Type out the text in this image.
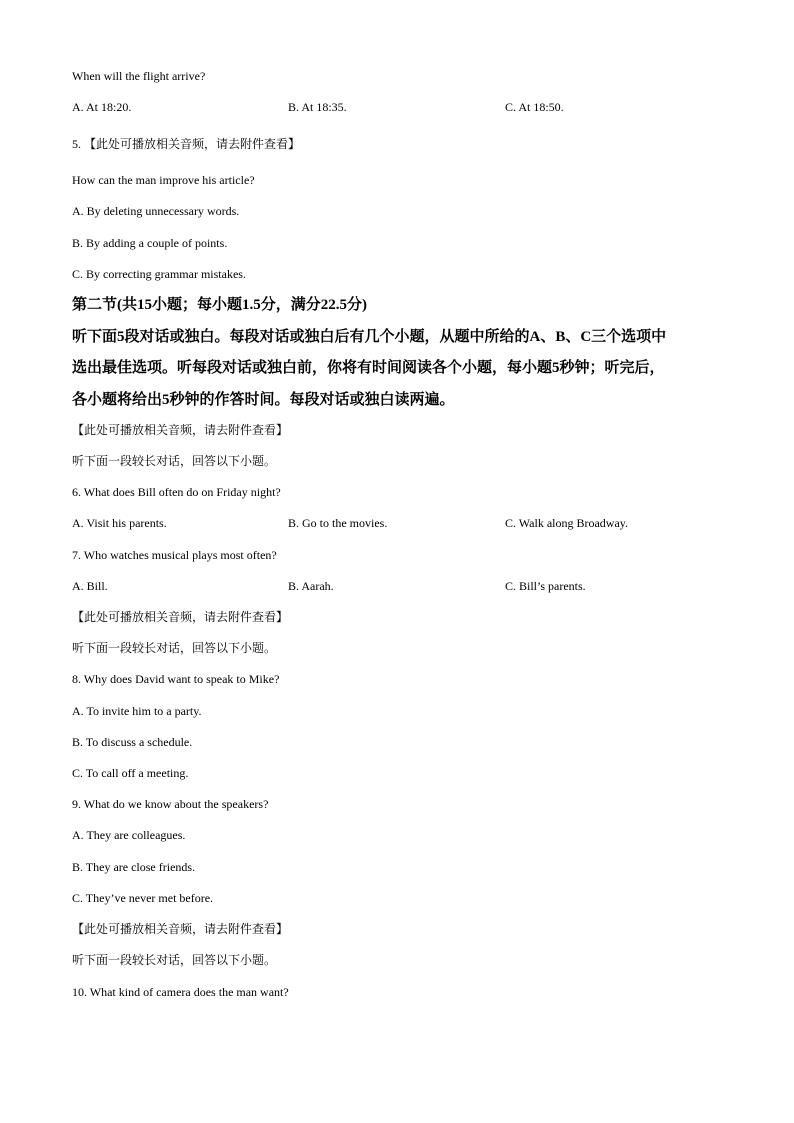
When will the flight arrive?
A. At 18:20.	B. At 18:35.	C. At 18:50.
5. 【此处可播放相关音频，请去附件查看】
How can the man improve his article?
A. By deleting unnecessary words.
B. By adding a couple of points.
C. By correcting grammar mistakes.
第二节(共15小题；每小题1.5分，满分22.5分)
听下面5段对话或独白。每段对话或独白后有几个小题，从题中所给的A、B、C三个选项中
选出最佳选项。听每段对话或独白前，你将有时间阅读各个小题，每小题5秒钟；听完后，
各小题将给出5秒钟的作答时间。每段对话或独白读两遍。
【此处可播放相关音频，请去附件查看】
听下面一段较长对话，回答以下小题。
6. What does Bill often do on Friday night?
A. Visit his parents.	B. Go to the movies.	C. Walk along Broadway.
7. Who watches musical plays most often?
A. Bill.	B. Aarah.	C. Bill’s parents.
【此处可播放相关音频，请去附件查看】
听下面一段较长对话，回答以下小题。
8. Why does David want to speak to Mike?
A. To invite him to a party.
B. To discuss a schedule.
C. To call off a meeting.
9. What do we know about the speakers?
A. They are colleagues.
B. They are close friends.
C. They’ve never met before.
【此处可播放相关音频，请去附件查看】
听下面一段较长对话，回答以下小题。
10. What kind of camera does the man want?
